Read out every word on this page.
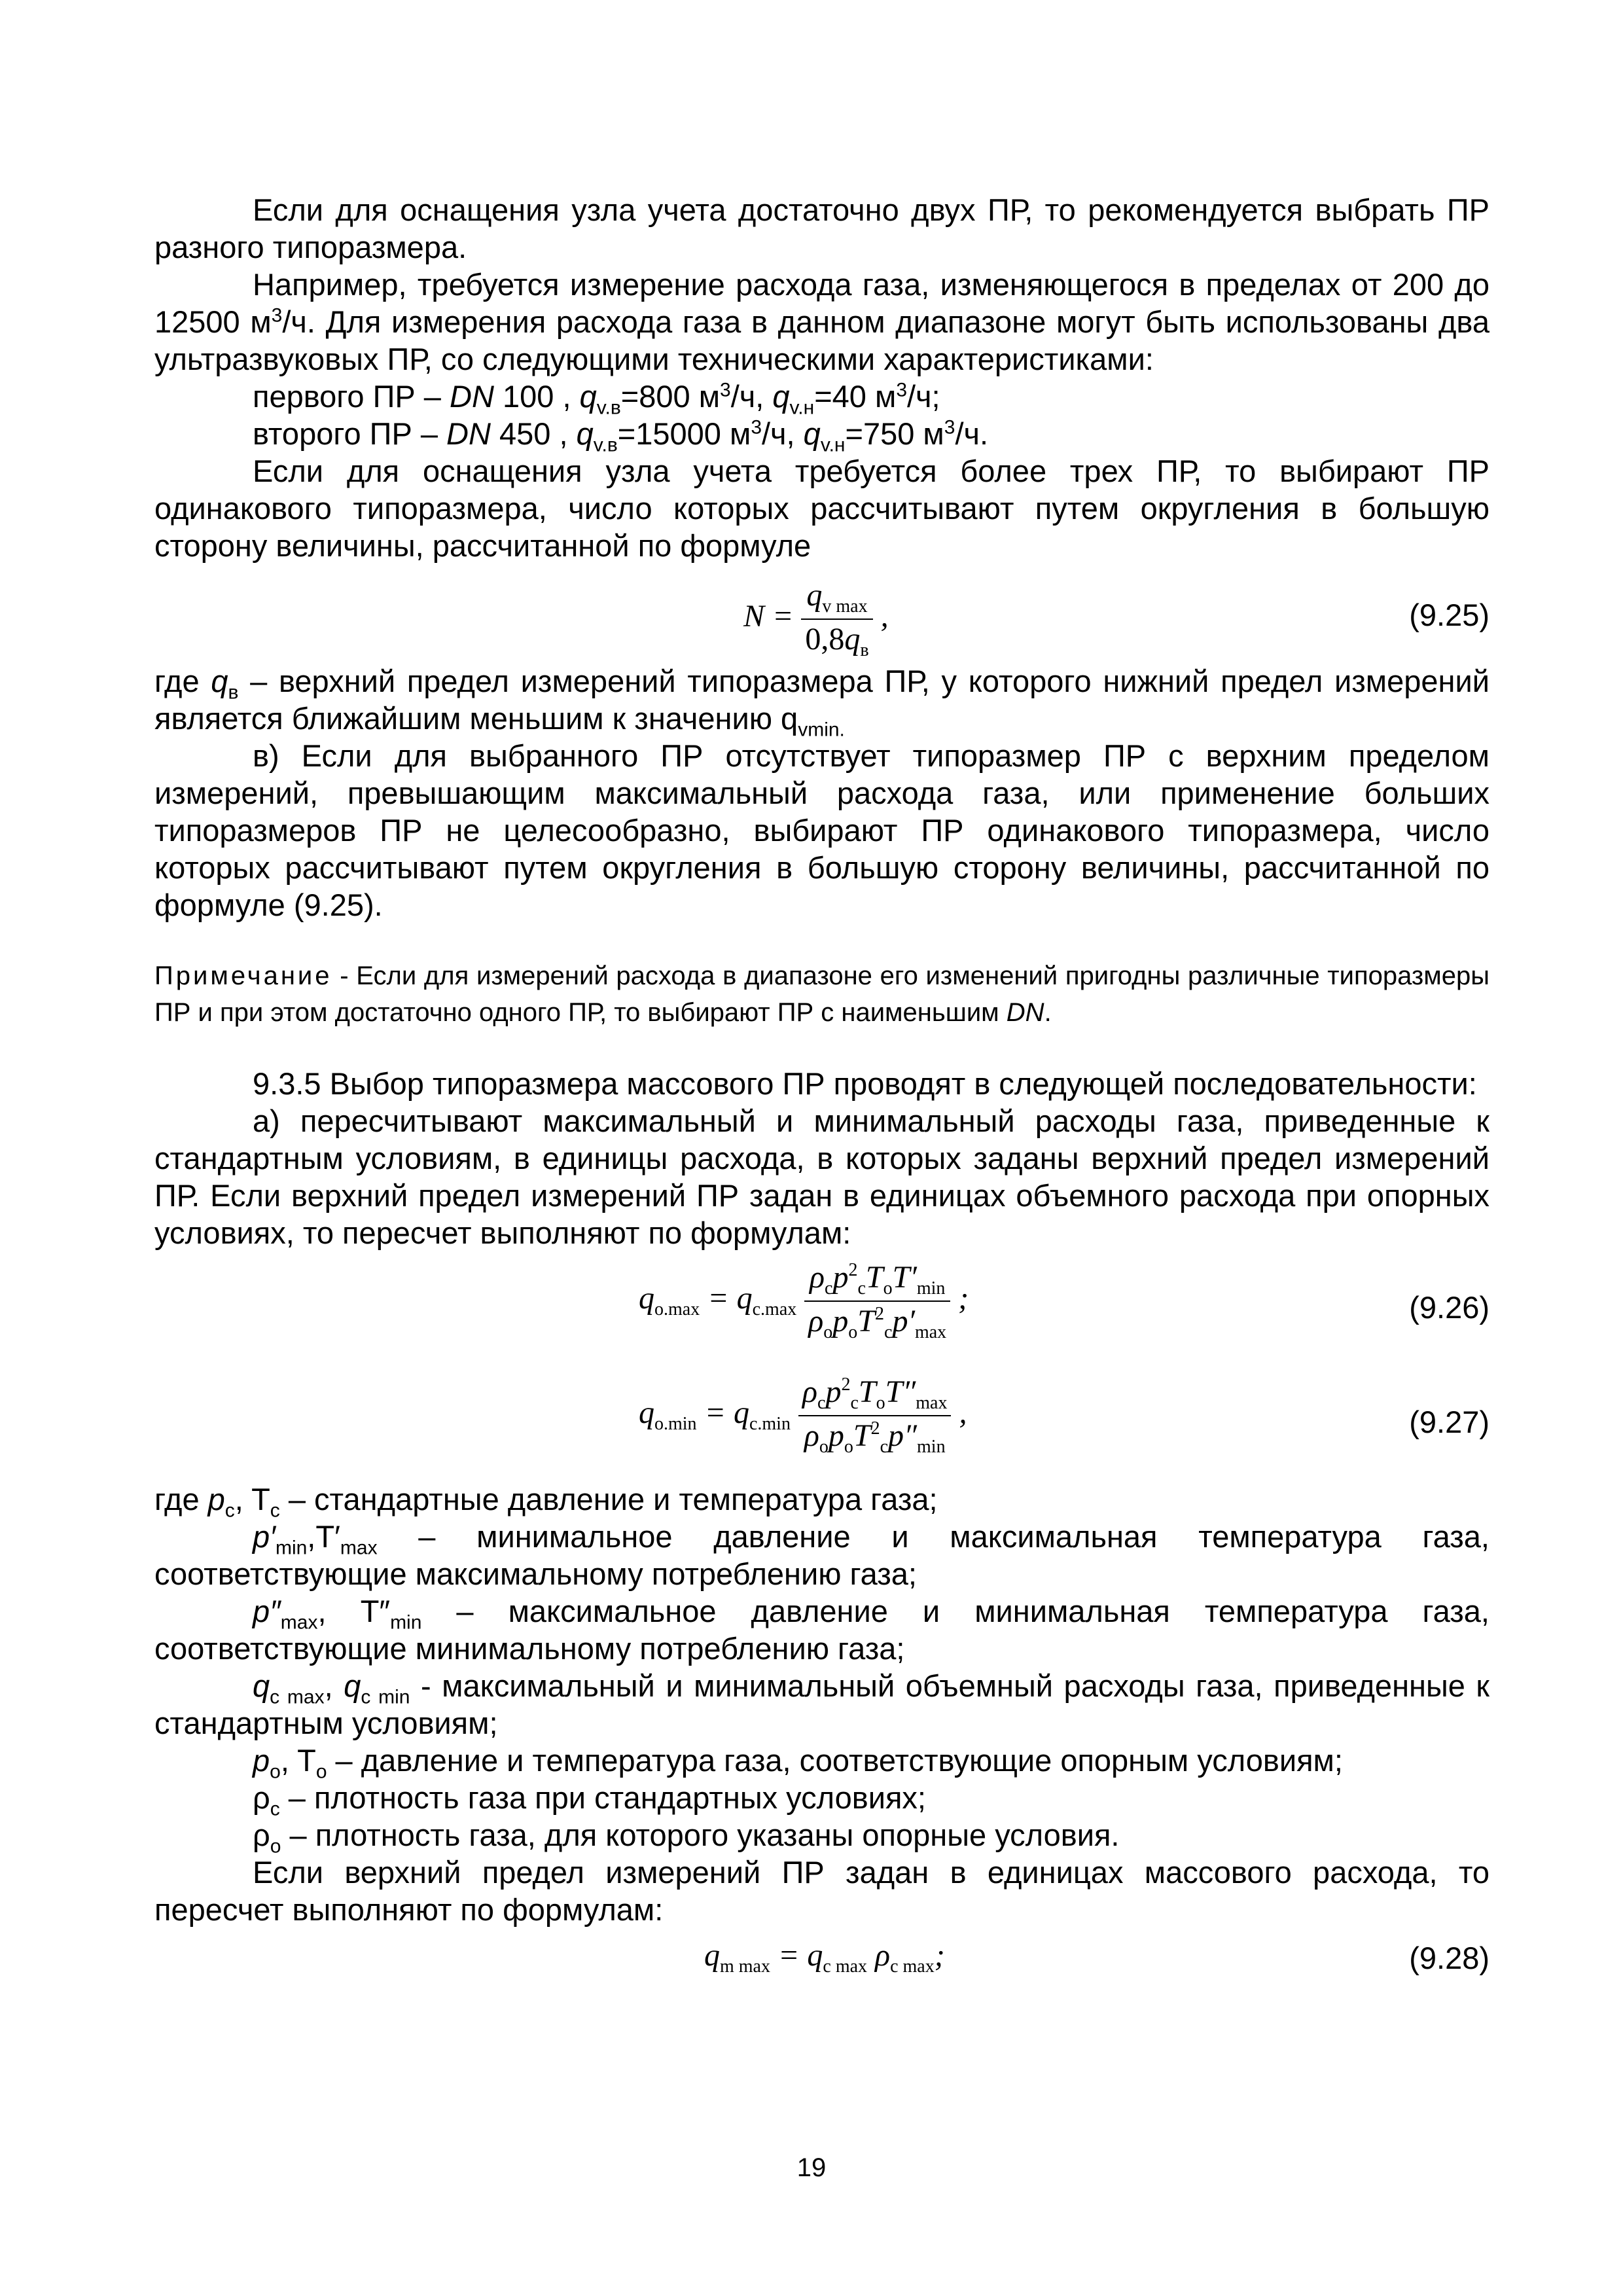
Если для оснащения узла учета достаточно двух ПР, то рекомендуется выбрать ПР разного типоразмера.

Например, требуется измерение расхода газа, изменяющегося в пределах от 200 до 12500 $м^3/ч$. Для измерения расхода газа в данном диапазоне могут быть использованы два ультразвуковых ПР, со следующими техническими характеристиками:

первого ПР – DN 100 , $q_{v.в}=800$ $м^3/ч$, $q_{v.н}=40$ $м^3/ч$;

второго ПР – DN 450 , $q_{v.в}=15000$ $м^3/ч$, $q_{v.н}=750$ $м^3/ч$.

Если для оснащения узла учета требуется более трех ПР, то выбирают ПР одинакового типоразмера, число которых рассчитывают путем округления в большую сторону величины, рассчитанной по формуле

$N = \frac{q_{v max}}{0,8q_в}$ ,	(9.25)

где $q_в$ – верхний предел измерений типоразмера ПР, у которого нижний предел измерений является ближайшим меньшим к значению $q_{vmin.}$

в) Если для выбранного ПР отсутствует типоразмер ПР с верхним пределом измерений, превышающим максимальный расхода газа, или применение больших типоразмеров ПР не целесообразно, выбирают ПР одинакового типоразмера, число которых рассчитывают путем округления в большую сторону величины, рассчитанной по формуле (9.25).

Примечание - Если для измерений расхода в диапазоне его изменений пригодны различные типоразмеры ПР и при этом достаточно одного ПР, то выбирают ПР с наименьшим DN.

9.3.5 Выбор типоразмера массового ПР проводят в следующей последовательности:

а) пересчитывают максимальный и минимальный расходы газа, приведенные к стандартным условиям, в единицы расхода, в которых заданы верхний предел измерений ПР. Если верхний предел измерений ПР задан в единицах объемного расхода при опорных условиях, то пересчет выполняют по формулам:

$q_{o.max} = q_{c.max} \frac{\rho_cp^2_cT_oT'_{min}}{\rho_op_oT^2_cp'_{max}}$ ;	(9.26)
$q_{o.min} = q_{c.min} \frac{\rho_cp^2_cT_oT''_{max}}{\rho_op_oT^2_cp''_{min}}$ ,	(9.27)

где $p_c$, $T_c$ – стандартные давление и температура газа;

$p'_{min},T'_{max}$ – минимальное давление и максимальная температура газа, соответствующие максимальному потреблению газа;

$p''_{max}$, $T''_{min}$ – максимальное давление и минимальная температура газа, соответствующие минимальному потреблению газа;

$q_{c max}$, $q_{c min}$ - максимальный и минимальный объемный расходы газа, приведенные к стандартным условиям;

$p_o$, $T_o$ – давление и температура газа, соответствующие опорным условиям;

$\rho_c$ – плотность газа при стандартных условиях;

$\rho_o$ – плотность газа, для которого указаны опорные условия.

Если верхний предел измерений ПР задан в единицах массового расхода, то пересчет выполняют по формулам:

$q_{m max} = q_{c max}$ $\rho_{c max}$;	(9.28)
19
